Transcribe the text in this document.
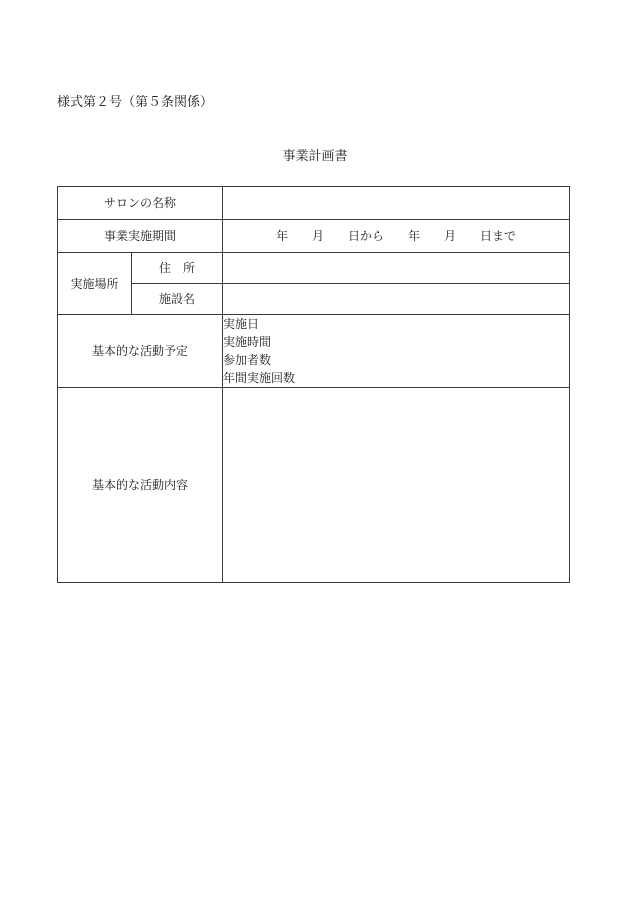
様式第２号（第５条関係）
事業計画書
サロンの名称		
事業実施期間		年　　月　　日から　　年　　月　　日まで
実施場所	住　所	
	施設名	
基本的な活動予定		実施日
実施時間
参加者数
年間実施回数

基本的な活動内容		
